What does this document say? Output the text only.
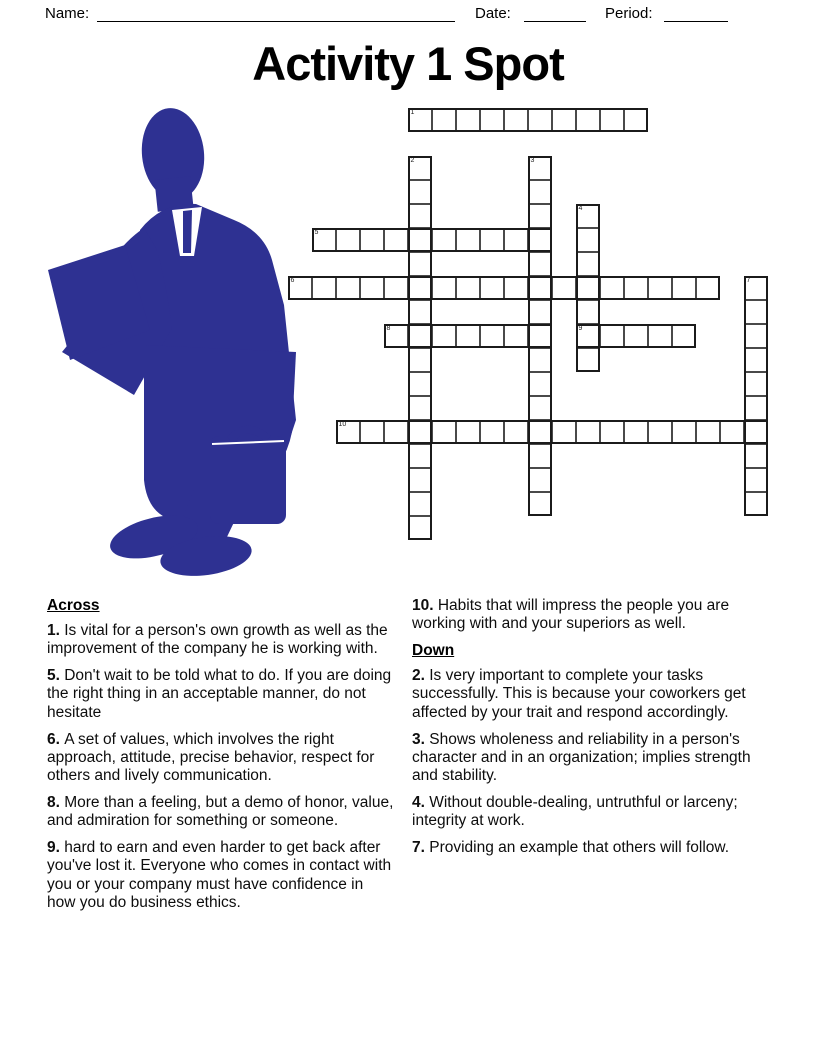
Name:	Date:	Period:
Activity 1 Spot
1
2	3
4
9
5
6	7
8
10
Across

1. Is vital for a person's own growth as well as the improvement of the company he is working with.

5. Don't wait to be told what to do. If you are doing the right thing in an acceptable manner, do not hesitate

6. A set of values, which involves the right approach, attitude, precise behavior, respect for others and lively communication.

8. More than a feeling, but a demo of honor, value, and admiration for something or someone.

9. hard to earn and even harder to get back after you've lost it. Everyone who comes in contact with you or your company must have confidence in how you do business ethics.

10. Habits that will impress the people you are working with and your superiors as well.

Down

2. Is very important to complete your tasks successfully. This is because your coworkers get affected by your trait and respond accordingly.

3. Shows wholeness and reliability in a person's character and in an organization; implies strength and stability.

4. Without double-dealing, untruthful or larceny; integrity at work.

7. Providing an example that others will follow.
